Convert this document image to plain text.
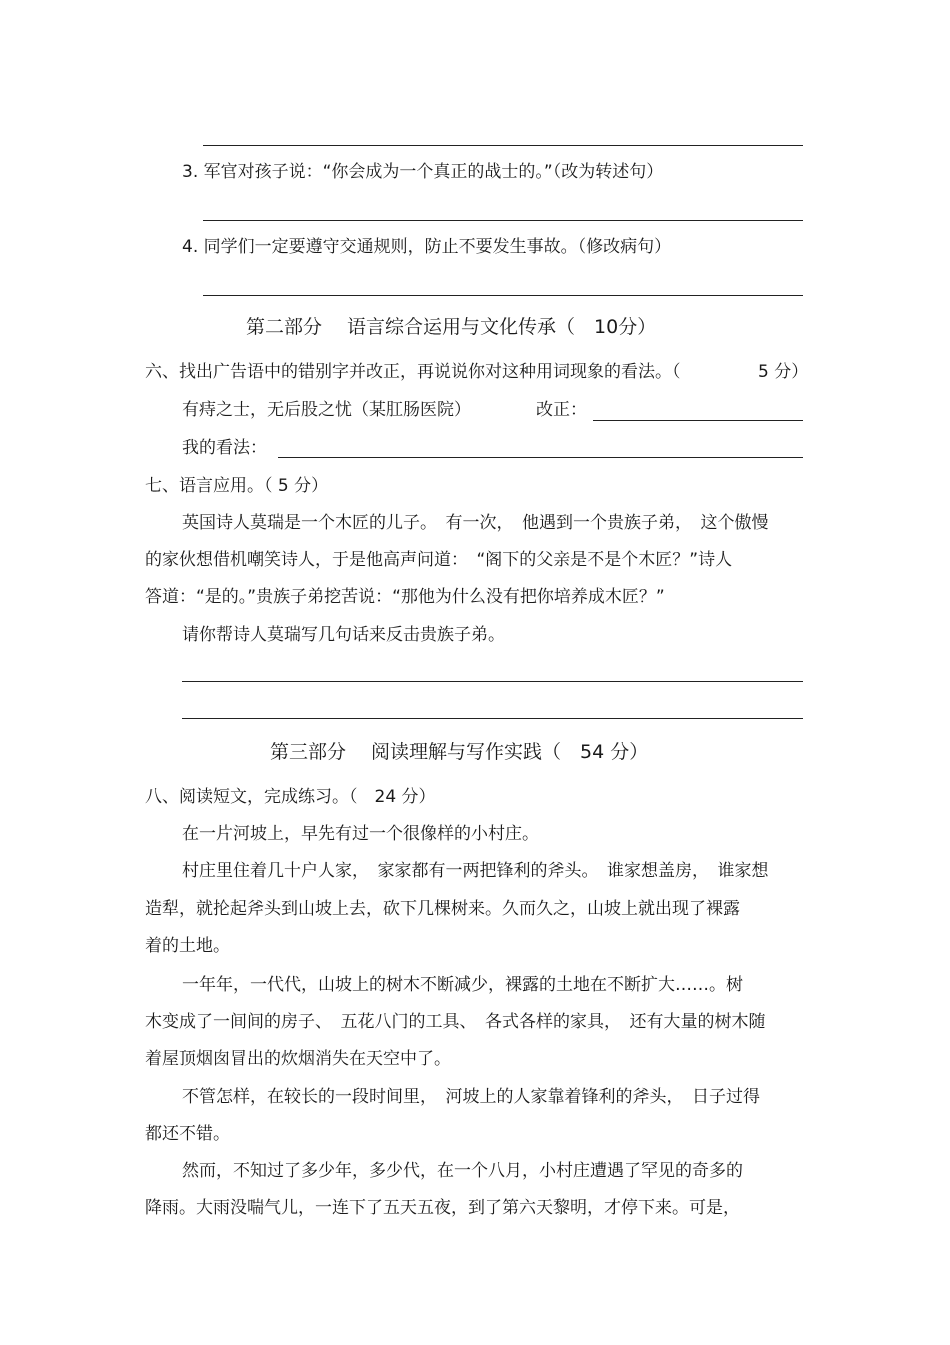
3. 军官对孩子说：“你会成为一个真正的战士的。”（改为转述句）
4. 同学们一定要遵守交通规则，防止不要发生事故。（修改病句）
第二部分　 语言综合运用与文化传承（　10分）
六、找出广告语中的错别字并改正，再说说你对这种用词现象的看法。（	5 分）
有痔之士，无后股之忧（某肛肠医院）	改正：
我的看法：
七、语言应用。（ 5 分）
英国诗人莫瑞是一个木匠的儿子。　有一次，　他遇到一个贵族子弟，　这个傲慢
的家伙想借机嘲笑诗人，于是他高声问道：　“阁下的父亲是不是个木匠？”诗人
答道：“是的。”贵族子弟挖苦说：“那他为什么没有把你培养成木匠？”
请你帮诗人莫瑞写几句话来反击贵族子弟。
第三部分　 阅读理解与写作实践（　54 分）
八、阅读短文，完成练习。（　24 分）
在一片河坡上，早先有过一个很像样的小村庄。
村庄里住着几十户人家，　家家都有一两把锋利的斧头。　谁家想盖房，　谁家想
造犁，就抡起斧头到山坡上去，砍下几棵树来。久而久之，山坡上就出现了裸露
着的土地。
一年年，一代代，山坡上的树木不断减少，裸露的土地在不断扩大……。树
木变成了一间间的房子、　五花八门的工具、　各式各样的家具，　还有大量的树木随
着屋顶烟囱冒出的炊烟消失在天空中了。
不管怎样，在较长的一段时间里，　河坡上的人家靠着锋利的斧头，　日子过得
都还不错。
然而，不知过了多少年，多少代，在一个八月，小村庄遭遇了罕见的奇多的
降雨。大雨没喘气儿，一连下了五天五夜，到了第六天黎明，才停下来。可是，
